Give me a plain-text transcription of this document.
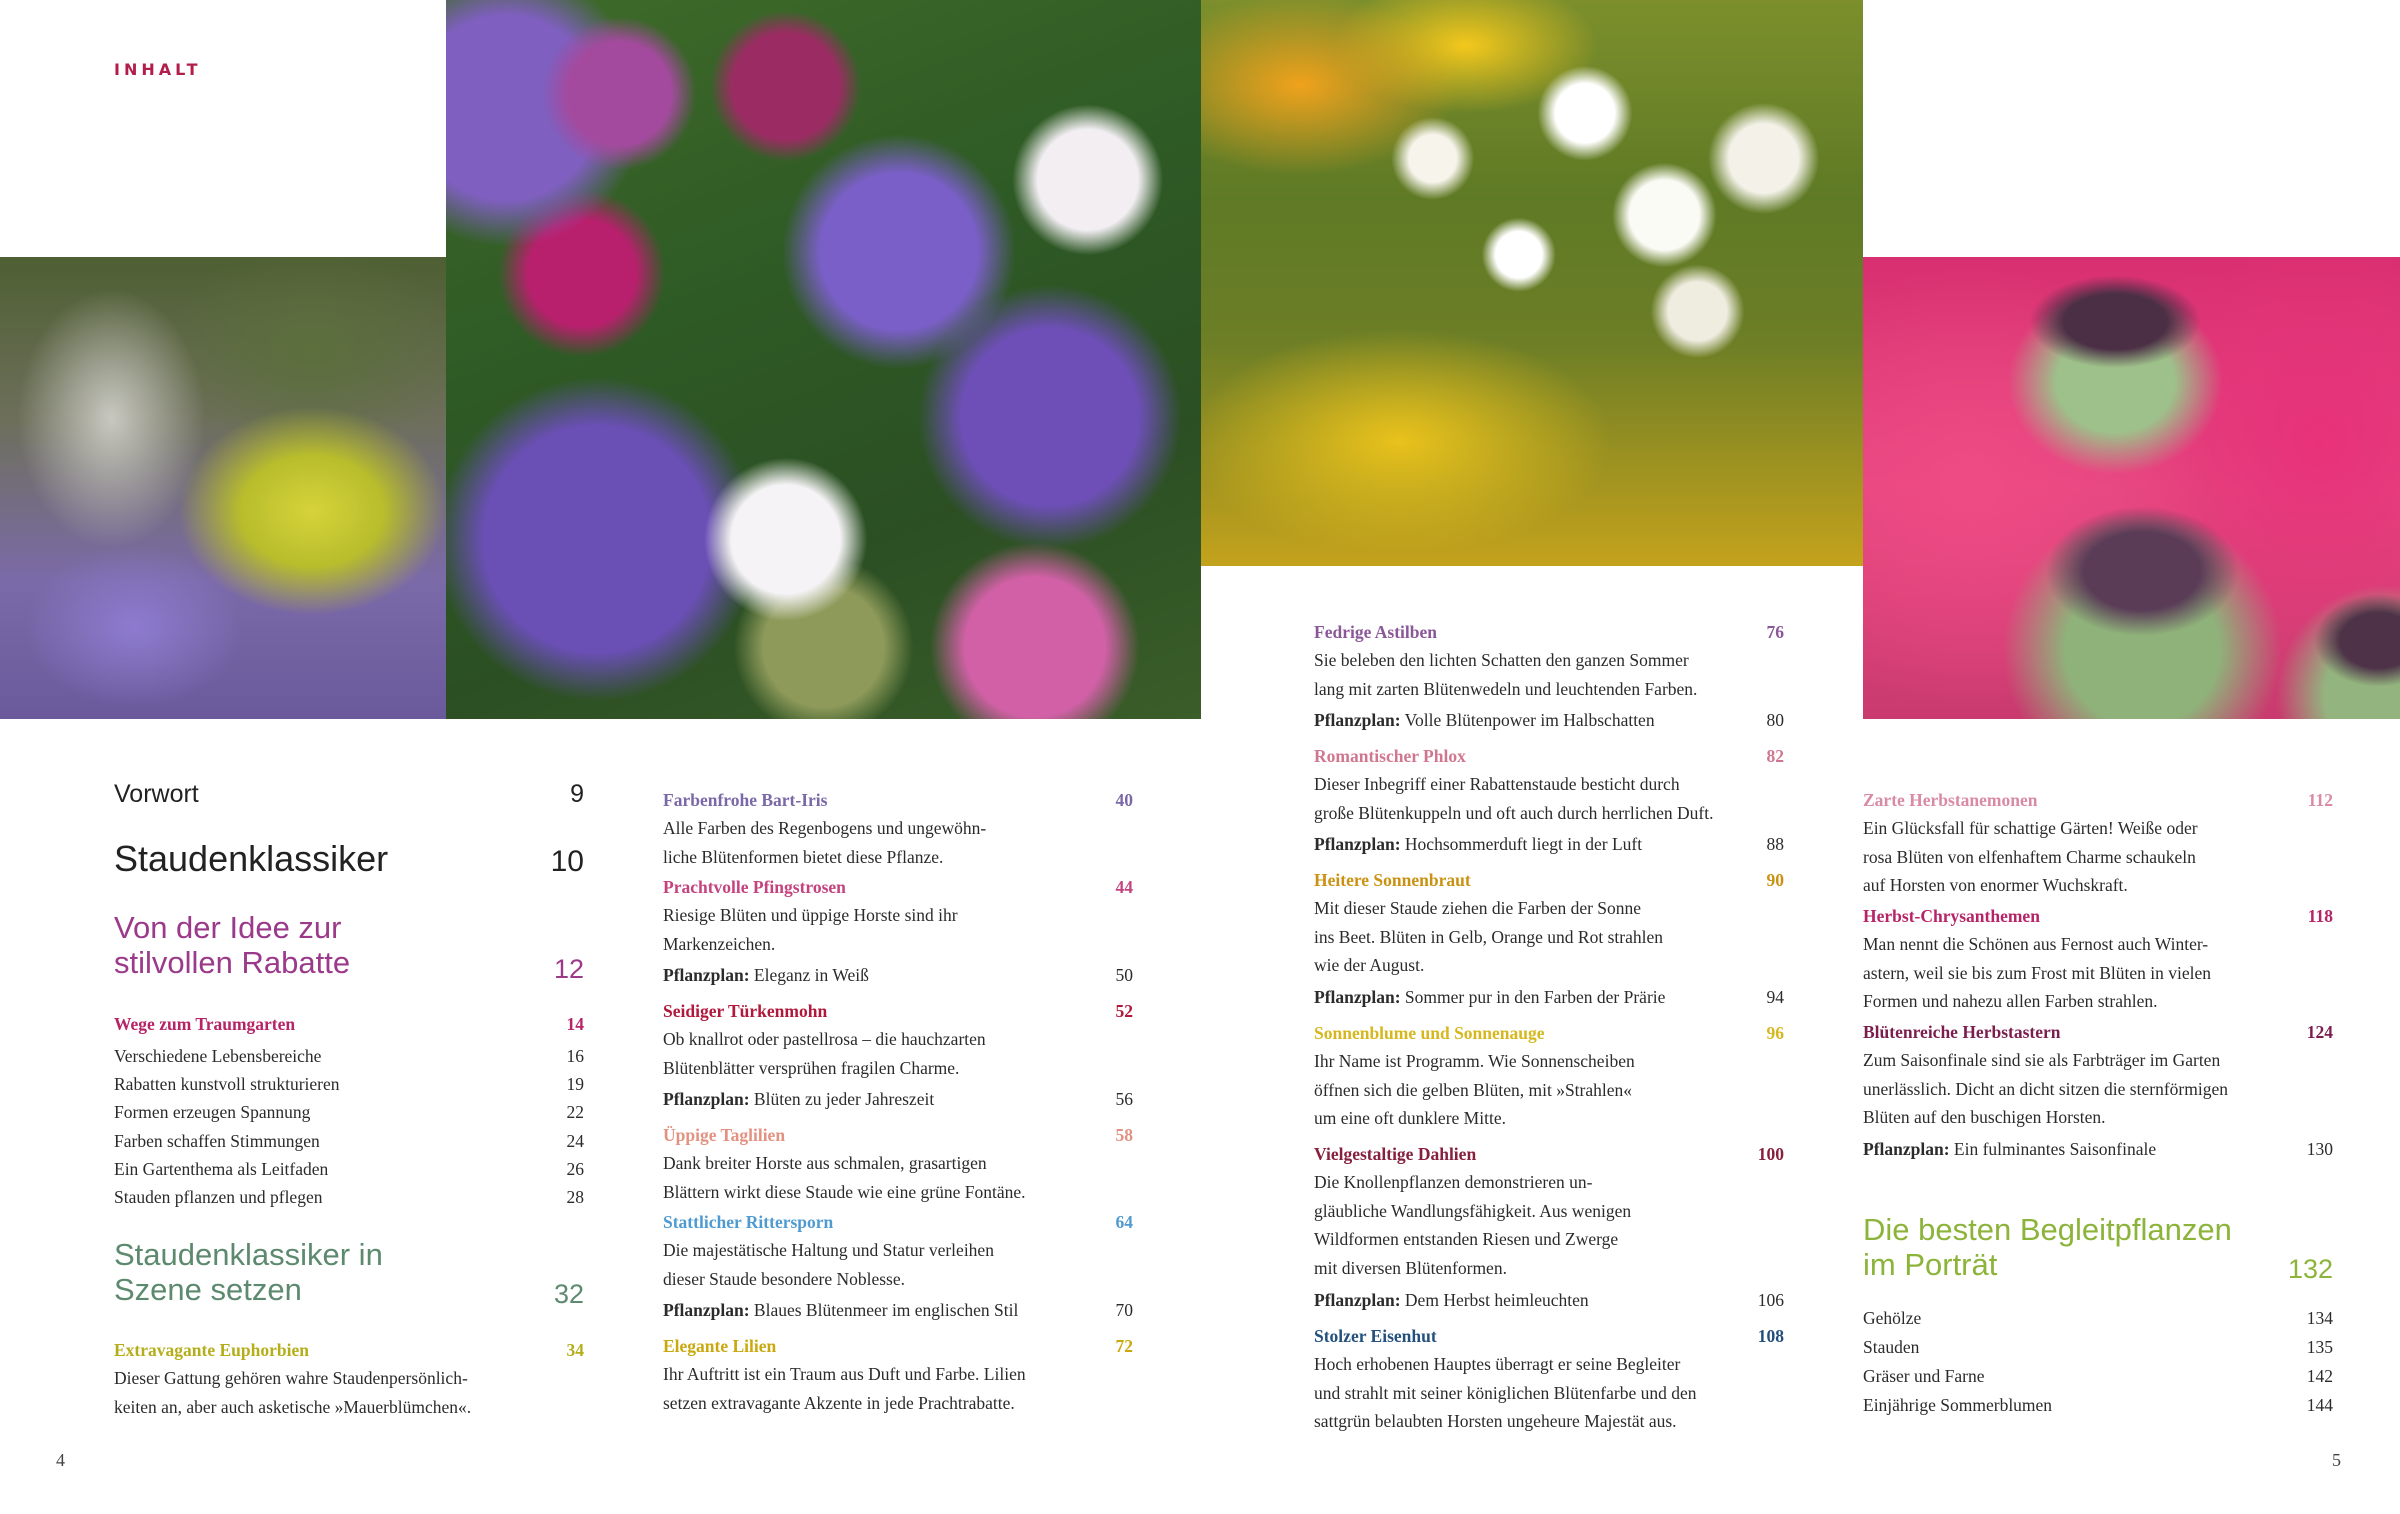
INHALT
Vorwort	9
Staudenklassiker	10
Von der Idee zur
stilvollen Rabatte	12
Wege zum Traumgarten	14
Verschiedene Lebensbereiche	16
Rabatten kunstvoll strukturieren	19
Formen erzeugen Spannung	22
Farben schaffen Stimmungen	24
Ein Gartenthema als Leitfaden	26
Stauden pflanzen und pflegen	28
Staudenklassiker in
Szene setzen	32
Extravagante Euphorbien	34
Dieser Gattung gehören wahre Staudenpersönlich-
keiten an, aber auch asketische »Mauerblümchen«.
Farbenfrohe Bart-Iris	40
Alle Farben des Regenbogens und ungewöhn-
liche Blütenformen bietet diese Pflanze.
Prachtvolle Pfingstrosen	44
Riesige Blüten und üppige Horste sind ihr
Markenzeichen.
Pflanzplan: Eleganz in Weiß	50
Seidiger Türkenmohn	52
Ob knallrot oder pastellrosa – die hauchzarten
Blütenblätter versprühen fragilen Charme.
Pflanzplan: Blüten zu jeder Jahreszeit	56
Üppige Taglilien	58
Dank breiter Horste aus schmalen, grasartigen
Blättern wirkt diese Staude wie eine grüne Fontäne.
Stattlicher Rittersporn	64
Die majestätische Haltung und Statur verleihen
dieser Staude besondere Noblesse.
Pflanzplan: Blaues Blütenmeer im englischen Stil	70
Elegante Lilien	72
Ihr Auftritt ist ein Traum aus Duft und Farbe. Lilien
setzen extravagante Akzente in jede Prachtrabatte.
Fedrige Astilben	76
Sie beleben den lichten Schatten den ganzen Sommer
lang mit zarten Blütenwedeln und leuchtenden Farben.
Pflanzplan: Volle Blütenpower im Halbschatten	80
Romantischer Phlox	82
Dieser Inbegriff einer Rabattenstaude besticht durch
große Blütenkuppeln und oft auch durch herrlichen Duft.
Pflanzplan: Hochsommerduft liegt in der Luft	88
Heitere Sonnenbraut	90
Mit dieser Staude ziehen die Farben der Sonne
ins Beet. Blüten in Gelb, Orange und Rot strahlen
wie der August.
Pflanzplan: Sommer pur in den Farben der Prärie	94
Sonnenblume und Sonnenauge	96
Ihr Name ist Programm. Wie Sonnenscheiben
öffnen sich die gelben Blüten, mit »Strahlen«
um eine oft dunklere Mitte.
Vielgestaltige Dahlien	100
Die Knollenpflanzen demonstrieren un-
gläubliche Wandlungsfähigkeit. Aus wenigen
Wildformen entstanden Riesen und Zwerge
mit diversen Blütenformen.
Pflanzplan: Dem Herbst heimleuchten	106
Stolzer Eisenhut	108
Hoch erhobenen Hauptes überragt er seine Begleiter
und strahlt mit seiner königlichen Blütenfarbe und den
sattgrün belaubten Horsten ungeheure Majestät aus.
Zarte Herbstanemonen	112
Ein Glücksfall für schattige Gärten! Weiße oder
rosa Blüten von elfenhaftem Charme schaukeln
auf Horsten von enormer Wuchskraft.
Herbst-Chrysanthemen	118
Man nennt die Schönen aus Fernost auch Winter-
astern, weil sie bis zum Frost mit Blüten in vielen
Formen und nahezu allen Farben strahlen.
Blütenreiche Herbstastern	124
Zum Saisonfinale sind sie als Farbträger im Garten
unerlässlich. Dicht an dicht sitzen die sternförmigen
Blüten auf den buschigen Horsten.
Pflanzplan: Ein fulminantes Saisonfinale	130
Die besten Begleitpflanzen
im Porträt	132
Gehölze	134
Stauden	135
Gräser und Farne	142
Einjährige Sommerblumen	144
4	5
